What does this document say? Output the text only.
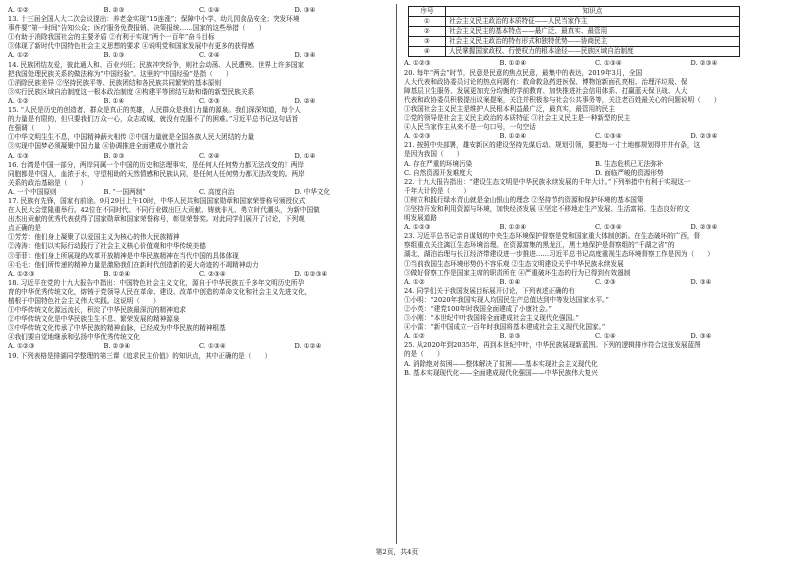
A. ①②	B. ②③	C. ①④	D. ③④

13. 十三届全国人大二次会议提出：养老金实现“15连涨”；保障中小学、幼儿园食品安全；突发环境

事件要“第一时间”告知公众；医疗服务免费报销、决策报统……国家的这些举措（　　）

①有助于消除我国社会的主要矛盾 ②有利于实现“两个一百年”奋斗目标

③体现了新时代中国特色社会主义思想的要求 ④说明党和国家发展中有更多的获得感

A. ①②	B. ①③	C. ②④	D. ③④

14. 民族团结友爱，彼此通人和、百业兴旺；民族冲突纷争，则社会动荡、人民遭殃。世界上许多国家

把我国处理民族关系的做法称为“中国经验”。这里的“中国经验”是指（　　）

①消除民族差异 ②坚持民族平等、民族团结和各民族共同繁荣的基本原则

③实行民族区域自治制度这一根本政治制度 ④构建平等团结互助和谐的新型民族关系

A. ①②	B. ①④	C. ②③	D. ②④

15. “人民是历史的创造者，群众是真正的英雄，人民群众是我们力量的源泉。我们深深知道，每个人

的力量是有限的，但只要我们万众一心，众志成城，就没有克服不了的困难。”习近平总书记这句话旨

在强调（　　）

①中华文明生生不息，中国精神薪火相传 ②中国力量就是全国各族人民大团结的力量

③实现中国梦必须凝聚中国力量 ④协调推进全面建成小康社会

A. ①③	B. ②③	C. ②④	D. ①④

16. 台湾是中国一部分，两岸同属一个中国的历史和法理事实，是任何人任何势力都无法改变的！两岸

同胞都是中国人，血浓于水，守望相助的天然情感和民族认同，是任何人任何势力都无法改变的。两岸

关系的政治基础是（　　）

A. 一个中国原则	B. “一国两制”	C. 高度自治	D. 中华文化

17. 民族有先锋，国家有前途。9月29日上午10时，中华人民共和国国家勋章和国家荣誉称号颁授仪式

在人民大会堂隆重举行。42位在不同时代、不同行业做出巨大贡献、铸就非凡、勇立时代潮头，为新中国做

出杰出贡献的优秀代表获得了国家勋章和国家荣誉称号，彰显荣誉奖。对此同学们展开了讨论，下列观

点正确的是

①芳芳：他们身上凝聚了以爱国主义为核心的伟大民族精神

②涛涛：他们以实际行动践行了社会主义核心价值观和中华传统美德

③菲菲：他们身上所展现的改革开放精神是中华民族精神在当代中国的具体体现

④毛毛：他们所传递的精神力量是激励我们在新时代创造新的更大奇迹的不竭精神动力

A. ①②③	B. ①②④	C. ②③④	D. ①②③④

18. 习近平在党的十九大报告中指出：中国特色社会主义文化，源自于中华民族五千多年文明历史所孕

育的中华优秀传统文化，熔铸于党领导人民在革命、建设、改革中创造的革命文化和社会主义先进文化，

植根于中国特色社会主义伟大实践。这说明（　　）

①中华传统文化源远流长，积淀了中华民族最深沉的精神追求

②中华传统文化是中华民族生生不息、繁荣发展的精神源泉

③中华传统文化传承了中华民族的精神血脉，已经成为中华民族的精神根基

④我们要自觉地继承和弘扬中华优秀传统文化

A. ①②③	B. ②③④	C. ①③④	D. ①②④

19. 下列表格是排湖同学整理的第三课《追求民主价值》的知识点，其中正确的是（　　）

序号	知识点
①	社会主义民主政治的本质特征——人民当家作主
②	社会主义民主的基本特点——最广泛、最真实、最管用
③	社会主义民主政治的特有形式和独特优势——协商民主
④	人民掌握国家政权、行使权力的根本途径——民族区域自治制度
A. ①②③	B. ①②④	C. ①③④	D. ②③④

20. 每年“两会”时节，民意是民意的焦点民意，最集中的表达，2019年3月，全国

人大代表和政协委员讨论的热点问题有：救命救急药进医保、博物馆新面孔亮相、治理洋垃圾、保

障基层卫生服务、发展更加充分均衡的学前教育、加快推进社会信用体系、打赢蓝天保卫战、人大

代表和政协委员积极提出议案提案，关注并积极参与社会公共事务等，关注老百姓最关心的问题说明（　　）

①我国社会主义民主是维护人民根本利益最广泛，最真实，最管用的民主

②党的领导是社会主义民主政治的本质特征 ③社会主义民主是一种新型的民主

④人民当家作主从来不是一句口号，一句空话

A. ①②③	B. ①②④	C. ①③④	D. ②③④

21. 按照中央部署，雄安新区的建设坚持先谋后动、规划引领，要把每一寸土地都规划得井井有条，这

是因为我国（　　）

A. 存在严重的环境污染	B. 生态危机已无法弥补
C. 自然资源开发难度大	D. 面临严峻的资源形势

22. 十九大报告指出：“建设生态文明是中华民族永续发展的千年大计。”下列举措中有利于实现这一

千年大计的是（　　）

①树立和践行绿水青山就是金山银山的理念 ②坚持节约资源和保护环境的基本国策

③坚持开发和利用资源与环境，加快经济发展 ④坚定不移地走生产发展、生活富裕、生态良好的文

明发展道路

A. ①②③	B. ①②④	C. ①③④	D. ②③④

23. 习近平总书记亲自谋划的中央生态环境保护督察是党和国家重大体制创新。在生态破坏的广西，督

察组重点关注漓江生态环境治理。在资源富集的黑龙江，黑土地保护是督察组的“千湖之省”的

湖北，湖泊治理与长江经济带建设进一步推进……习近平总书记高度重视生态环境督察工作是因为（　　）

①当前我国生态环境形势仍不容乐观 ②生态文明建设关乎中华民族永续发展

③做好督察工作是国家主席的职责所在 ④严重破坏生态的行为已得到有效遏制

A. ①②	B. ①④	C. ②③	D. ③④

24. 同学们关于我国发展目标展开讨论，下列表述正确的有

①小明：“2020年我国实现人均国民生产总值达到中等发达国家水平。”

②小英：“建党100年时我国全面建成了小康社会。”

③小刚：“本世纪中叶我国将全面建成社会主义现代化强国。”

④小雷：“新中国成立一百年时我国将基本建成社会主义现代化国家。”

A. ①②	B. ②③	C. ①④	D. ③④

25. 从2020年到2035年，再到本世纪中叶，中华民族展现新蓝图。下列的逻辑排序符合这张发展蓝图

的是（　　）

A. 消除绝对贫困——整体解决了贫困——基本实现社会主义现代化

B. 基本实现现代化——全面建成现代化强国——中华民族伟大复兴

第2页，共4页
